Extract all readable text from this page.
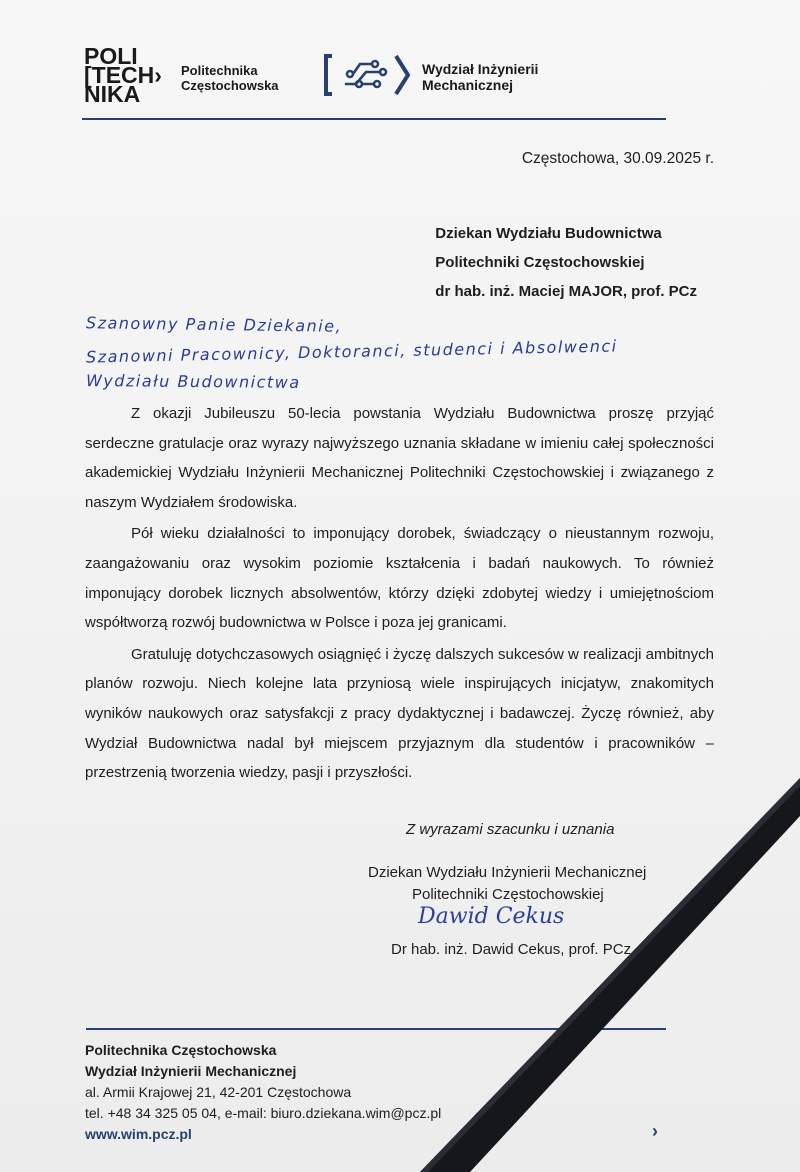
POLI
[TECH›
NIKA
Politechnika
Częstochowska
Wydział Inżynierii
Mechanicznej
Częstochowa, 30.09.2025 r.
Dziekan Wydziału Budownictwa
Politechniki Częstochowskiej
dr hab. inż. Maciej MAJOR, prof. PCz
Szanowny Panie Dziekanie,
Szanowni Pracownicy, Doktoranci, studenci i Absolwenci
Wydziału Budownictwa

Z okazji Jubileuszu 50-lecia powstania Wydziału Budownictwa proszę przyjąć serdeczne gratulacje oraz wyrazy najwyższego uznania składane w imieniu całej społeczności akademickiej Wydziału Inżynierii Mechanicznej Politechniki Częstochowskiej i związanego z naszym Wydziałem środowiska.

Pół wieku działalności to imponujący dorobek, świadczący o nieustannym rozwoju, zaangażowaniu oraz wysokim poziomie kształcenia i badań naukowych. To również imponujący dorobek licznych absolwentów, którzy dzięki zdobytej wiedzy i umiejętnościom współtworzą rozwój budownictwa w Polsce i poza jej granicami.

Gratuluję dotychczasowych osiągnięć i życzę dalszych sukcesów w realizacji ambitnych planów rozwoju. Niech kolejne lata przyniosą wiele inspirujących inicjatyw, znakomitych wyników naukowych oraz satysfakcji z pracy dydaktycznej i badawczej. Życzę również, aby Wydział Budownictwa nadal był miejscem przyjaznym dla studentów i pracowników – przestrzenią tworzenia wiedzy, pasji i przyszłości.

Z wyrazami szacunku i uznania
Dziekan Wydziału Inżynierii Mechanicznej
Politechniki Częstochowskiej
Dawid Cekus
Dr hab. inż. Dawid Cekus, prof. PCz
Politechnika Częstochowska
Wydział Inżynierii Mechanicznej
al. Armii Krajowej 21, 42-201 Częstochowa
tel. +48 34 325 05 04, e-mail: biuro.dziekana.wim@pcz.pl
www.wim.pcz.pl	›
